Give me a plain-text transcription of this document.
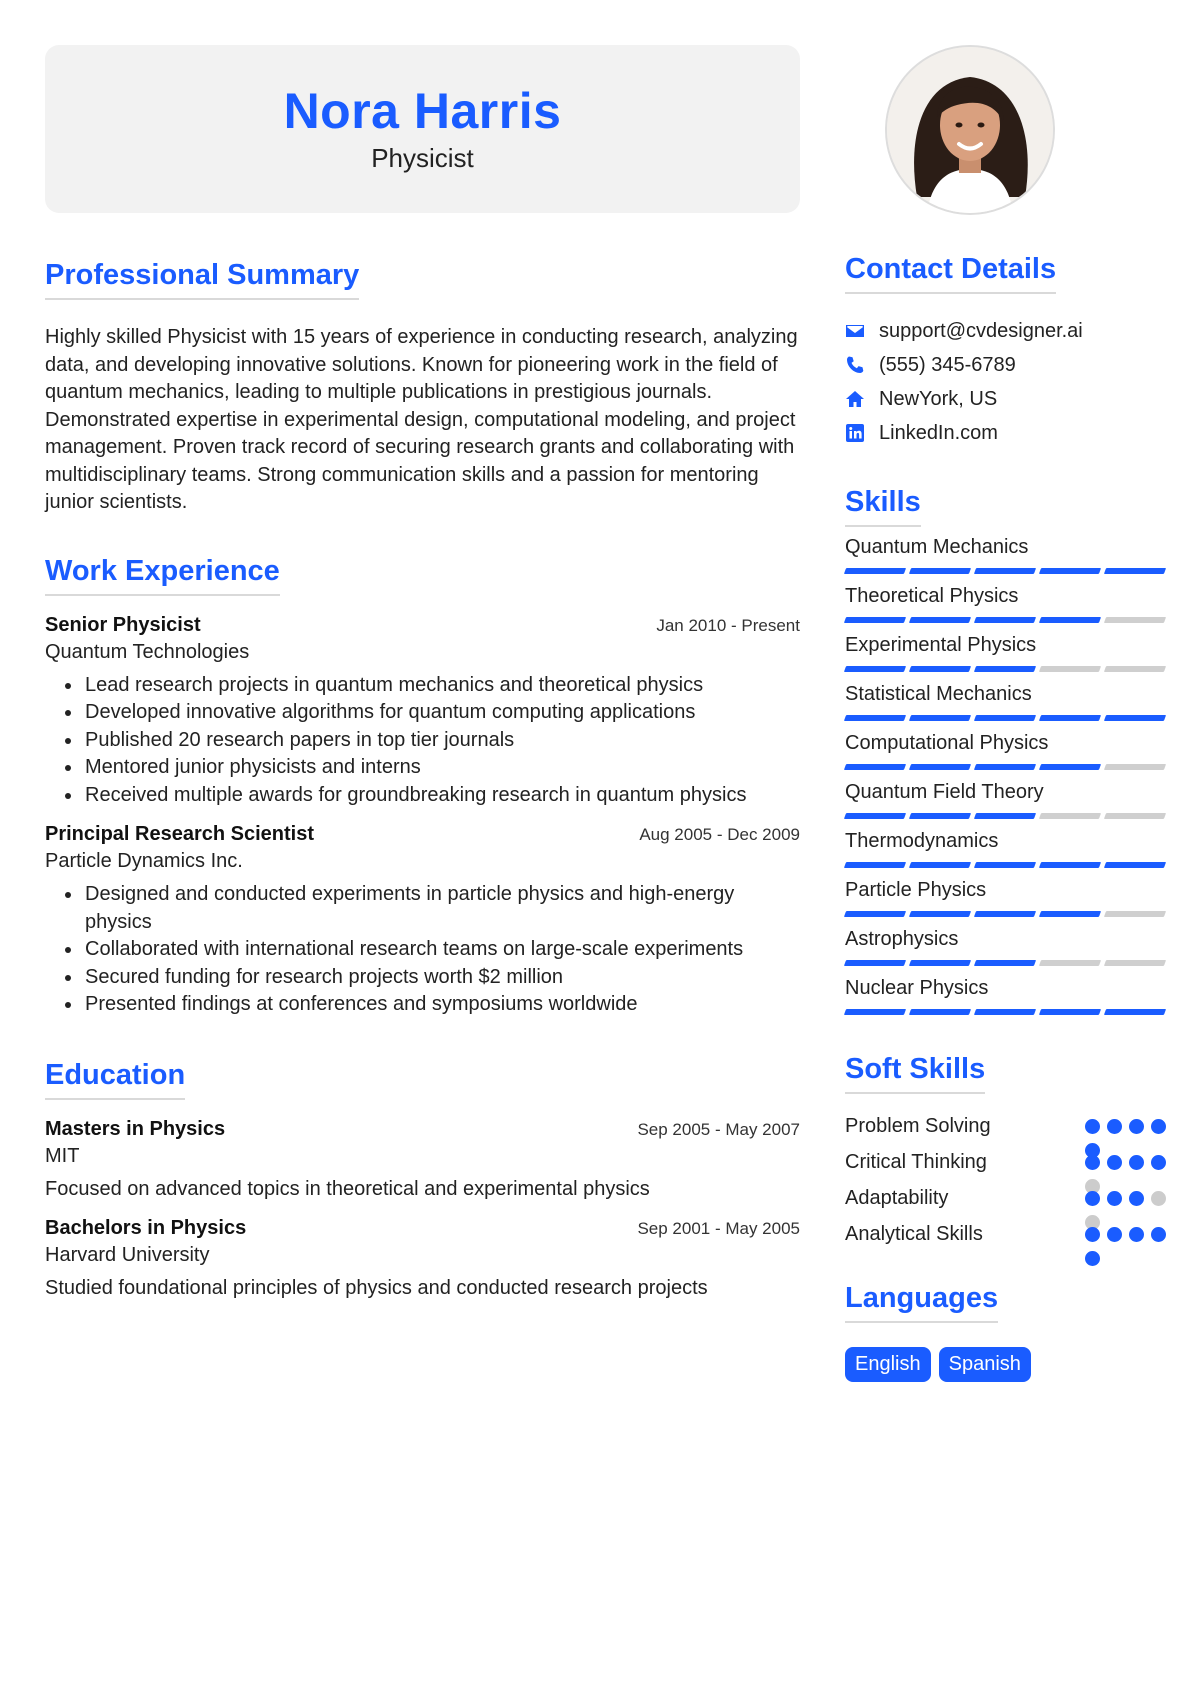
Nora Harris
Physicist
Professional Summary
Highly skilled Physicist with 15 years of experience in conducting research, analyzing data, and developing innovative solutions. Known for pioneering work in the field of quantum mechanics, leading to multiple publications in prestigious journals. Demonstrated expertise in experimental design, computational modeling, and project management. Proven track record of securing research grants and collaborating with multidisciplinary teams. Strong communication skills and a passion for mentoring junior scientists.
Work Experience
Senior Physicist	Jan 2010 - Present
Quantum Technologies
• Lead research projects in quantum mechanics and theoretical physics
• Developed innovative algorithms for quantum computing applications
• Published 20 research papers in top tier journals
• Mentored junior physicists and interns
• Received multiple awards for groundbreaking research in quantum physics
Principal Research Scientist	Aug 2005 - Dec 2009
Particle Dynamics Inc.
• Designed and conducted experiments in particle physics and high-energy physics
• Collaborated with international research teams on large-scale experiments
• Secured funding for research projects worth $2 million
• Presented findings at conferences and symposiums worldwide
Education
Masters in Physics	Sep 2005 - May 2007
MIT
Focused on advanced topics in theoretical and experimental physics
Bachelors in Physics	Sep 2001 - May 2005
Harvard University
Studied foundational principles of physics and conducted research projects
Contact Details
support@cvdesigner.ai
(555) 345-6789
NewYork, US
LinkedIn.com
Skills
Quantum Mechanics
Theoretical Physics
Experimental Physics
Statistical Mechanics
Computational Physics
Quantum Field Theory
Thermodynamics
Particle Physics
Astrophysics
Nuclear Physics
Soft Skills
Problem Solving
Critical Thinking
Adaptability
Analytical Skills
Languages
English	Spanish
